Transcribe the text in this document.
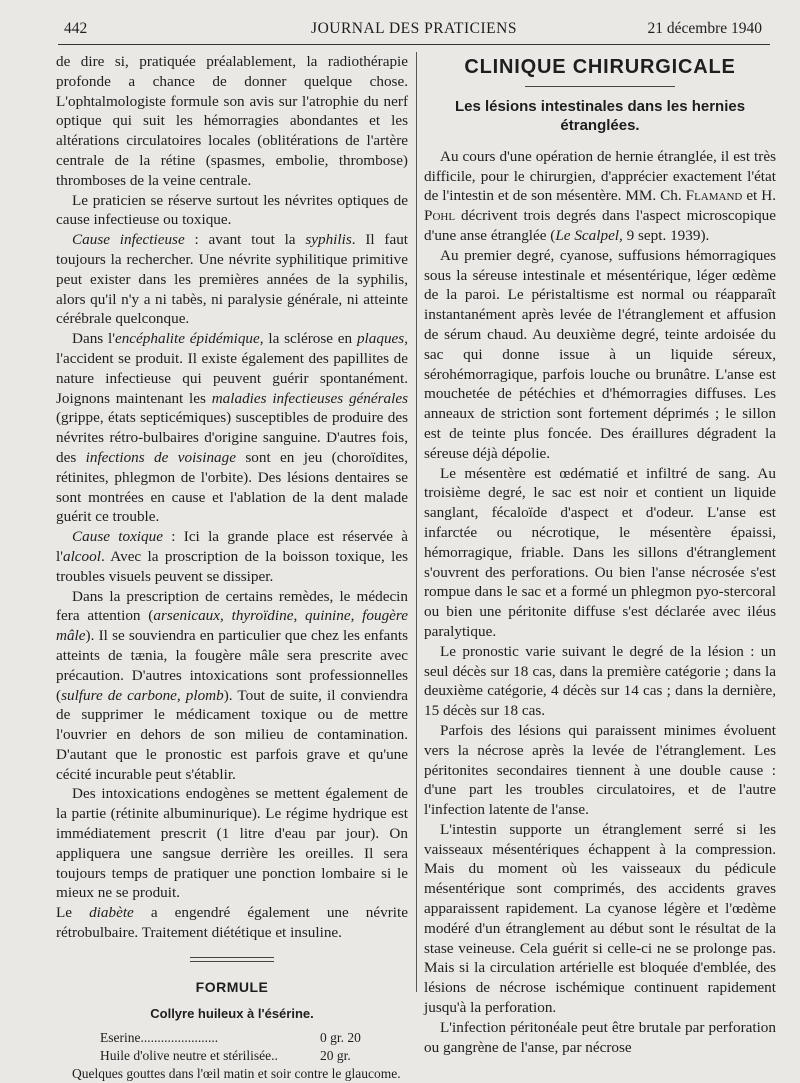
442	JOURNAL DES PRATICIENS	21 décembre 1940

de dire si, pratiquée préalablement, la radiothérapie profonde a chance de donner quelque chose. L'ophtalmologiste formule son avis sur l'atrophie du nerf optique qui suit les hémorragies abondantes et les altérations circulatoires locales (oblitérations de l'artère centrale de la rétine (spasmes, embolie, thrombose) thromboses de la veine centrale.

Le praticien se réserve surtout les névrites optiques de cause infectieuse ou toxique.

Cause infectieuse : avant tout la syphilis. Il faut toujours la rechercher. Une névrite syphilitique primitive peut exister dans les premières années de la syphilis, alors qu'il n'y a ni tabès, ni paralysie générale, ni atteinte cérébrale quelconque.

Dans l'encéphalite épidémique, la sclérose en plaques, l'accident se produit. Il existe également des papillites de nature infectieuse qui peuvent guérir spontanément. Joignons maintenant les maladies infectieuses générales (grippe, états septicémiques) susceptibles de produire des névrites rétro-bulbaires d'origine sanguine. D'autres fois, des infections de voisinage sont en jeu (choroïdites, rétinites, phlegmon de l'orbite). Des lésions dentaires se sont montrées en cause et l'ablation de la dent malade guérit ce trouble.

Cause toxique : Ici la grande place est réservée à l'alcool. Avec la proscription de la boisson toxique, les troubles visuels peuvent se dissiper.

Dans la prescription de certains remèdes, le médecin fera attention (arsenicaux, thyroïdine, quinine, fougère mâle). Il se souviendra en particulier que chez les enfants atteints de tænia, la fougère mâle sera prescrite avec précaution. D'autres intoxications sont professionnelles (sulfure de carbone, plomb). Tout de suite, il conviendra de supprimer le médicament toxique ou de mettre l'ouvrier en dehors de son milieu de contamination. D'autant que le pronostic est parfois grave et qu'une cécité incurable peut s'établir.

Des intoxications endogènes se mettent également de la partie (rétinite albuminurique). Le régime hydrique est immédiatement prescrit (1 litre d'eau par jour). On appliquera une sangsue derrière les oreilles. Il sera toujours temps de pratiquer une ponction lombaire si le mieux ne se produit.

Le diabète a engendré également une névrite rétrobulbaire. Traitement diététique et insuline.

FORMULE
Collyre huileux à l'ésérine.
Eserine.......................	0 gr. 20
Huile d'olive neutre et stérilisée..	20 gr.
Quelques gouttes dans l'œil matin et soir contre le glaucome.
CLINIQUE CHIRURGICALE
Les lésions intestinales dans les hernies étranglées.

Au cours d'une opération de hernie étranglée, il est très difficile, pour le chirurgien, d'apprécier exactement l'état de l'intestin et de son mésentère. MM. Ch. Flamand et H. Pohl décrivent trois degrés dans l'aspect microscopique d'une anse étranglée (Le Scalpel, 9 sept. 1939).

Au premier degré, cyanose, suffusions hémorragiques sous la séreuse intestinale et mésentérique, léger œdème de la paroi. Le péristaltisme est normal ou réapparaît instantanément après levée de l'étranglement et affusion de sérum chaud. Au deuxième degré, teinte ardoisée du sac qui donne issue à un liquide séreux, sérohémorragique, parfois louche ou brunâtre. L'anse est mouchetée de pétéchies et d'hémorragies diffuses. Les anneaux de striction sont fortement déprimés ; le sillon est de teinte plus foncée. Des éraillures dégradent la séreuse déjà dépolie.

Le mésentère est œdématié et infiltré de sang. Au troisième degré, le sac est noir et contient un liquide sanglant, fécaloïde d'aspect et d'odeur. L'anse est infarctée ou nécrotique, le mésentère épaissi, hémorragique, friable. Dans les sillons d'étranglement s'ouvrent des perforations. Ou bien l'anse nécrosée s'est rompue dans le sac et a formé un phlegmon pyo-stercoral ou bien une péritonite diffuse s'est déclarée avec iléus paralytique.

Le pronostic varie suivant le degré de la lésion : un seul décès sur 18 cas, dans la première catégorie ; dans la deuxième catégorie, 4 décès sur 14 cas ; dans la dernière, 15 décès sur 18 cas.

Parfois des lésions qui paraissent minimes évoluent vers la nécrose après la levée de l'étranglement. Les péritonites secondaires tiennent à une double cause : d'une part les troubles circulatoires, et de l'autre l'infection latente de l'anse.

L'intestin supporte un étranglement serré si les vaisseaux mésentériques échappent à la compression. Mais du moment où les vaisseaux du pédicule mésentérique sont comprimés, des accidents graves apparaissent rapidement. La cyanose légère et l'œdème modéré d'un étranglement au début sont le résultat de la stase veineuse. Cela guérit si celle-ci ne se prolonge pas. Mais si la circulation artérielle est bloquée d'emblée, des lésions de nécrose ischémique continuent rapidement jusqu'à la perforation.

L'infection péritonéale peut être brutale par perforation ou gangrène de l'anse, par nécrose
